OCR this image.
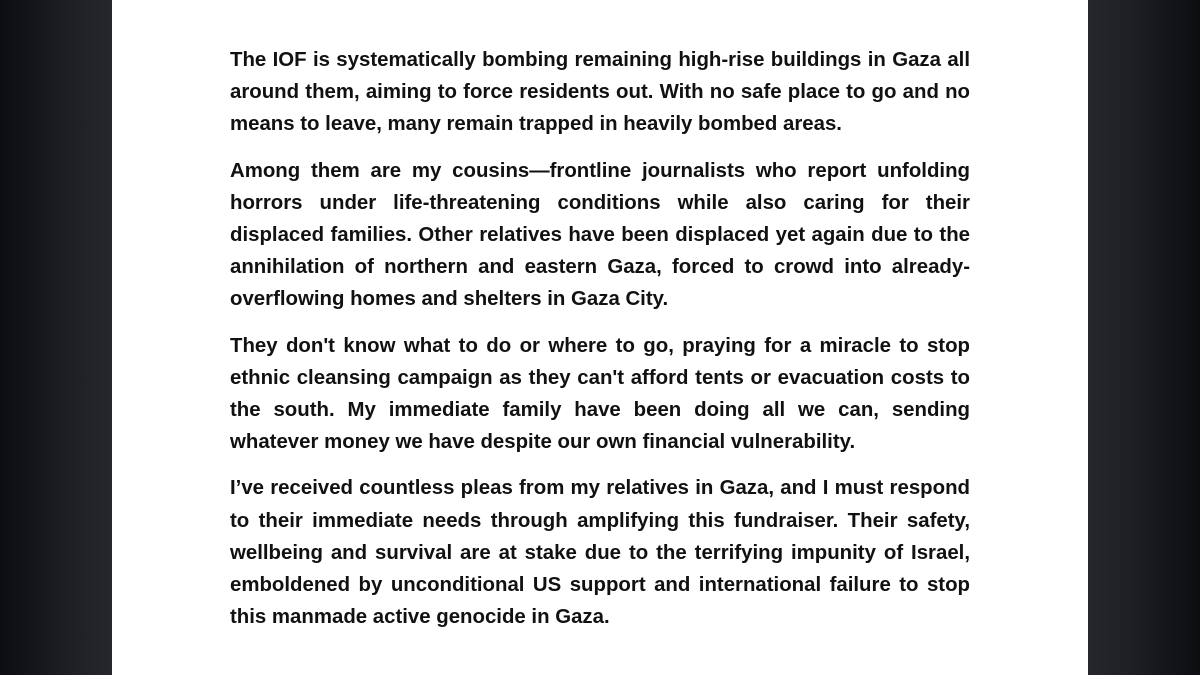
The IOF is systematically bombing remaining high-rise buildings in Gaza all around them, aiming to force residents out. With no safe place to go and no means to leave, many remain trapped in heavily bombed areas.

Among them are my cousins—frontline journalists who report unfolding horrors under life-threatening conditions while also caring for their displaced families. Other relatives have been displaced yet again due to the annihilation of northern and eastern Gaza, forced to crowd into already-overflowing homes and shelters in Gaza City.

They don't know what to do or where to go, praying for a miracle to stop ethnic cleansing campaign as they can't afford tents or evacuation costs to the south. My immediate family have been doing all we can, sending whatever money we have despite our own financial vulnerability.

I’ve received countless pleas from my relatives in Gaza, and I must respond to their immediate needs through amplifying this fundraiser. Their safety, wellbeing and survival are at stake due to the terrifying impunity of Israel, emboldened by unconditional US support and international failure to stop this manmade active genocide in Gaza.
